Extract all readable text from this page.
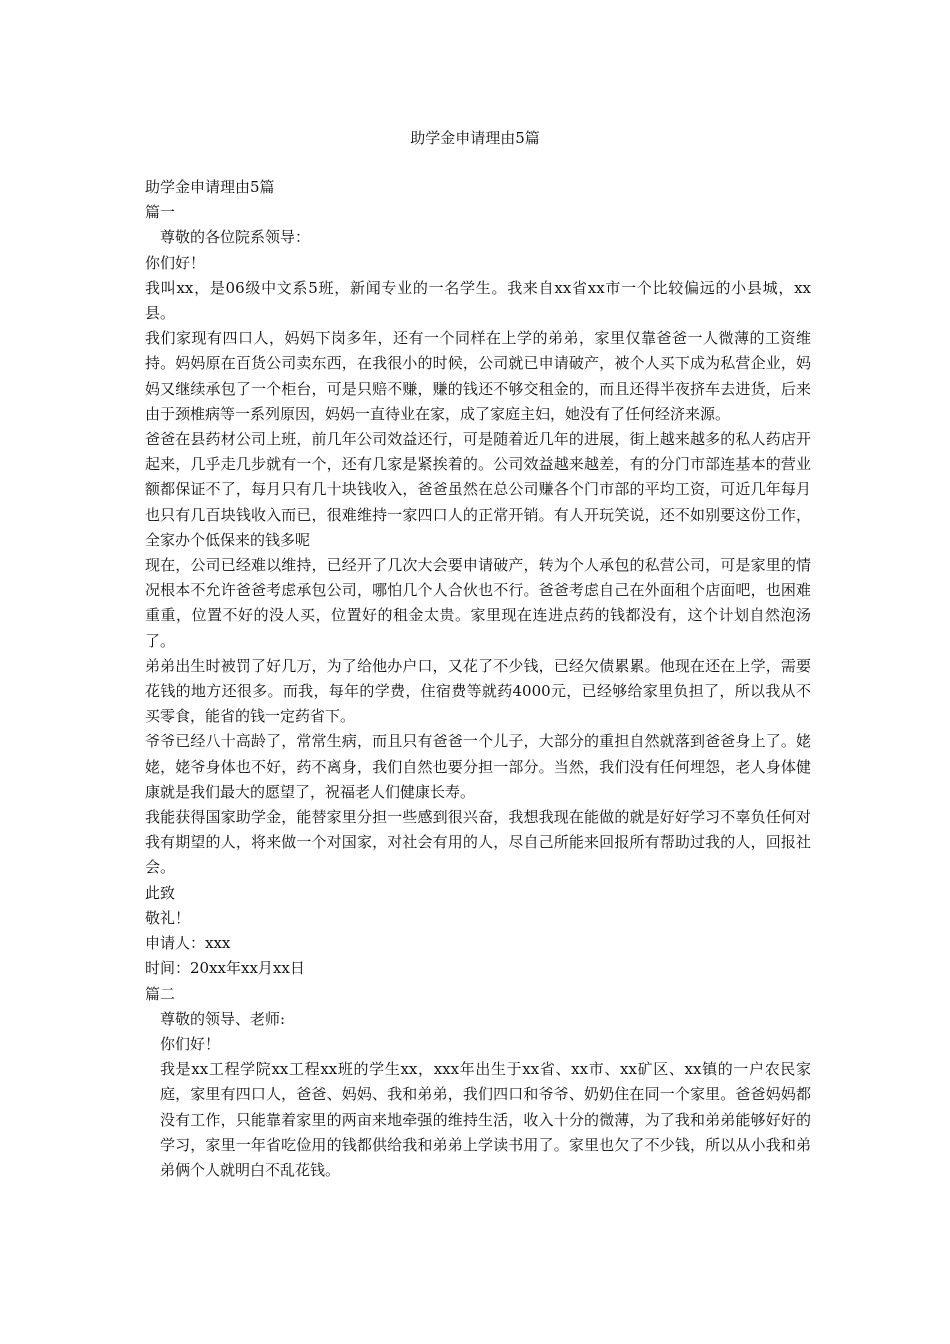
助学金申请理由5篇

助学金申请理由5篇

篇一

尊敬的各位院系领导：

你们好！

我叫xx，是06级中文系5班，新闻专业的一名学生。我来自xx省xx市一个比较偏远的小县城，xx县。

我们家现有四口人，妈妈下岗多年，还有一个同样在上学的弟弟，家里仅靠爸爸一人微薄的工资维持。妈妈原在百货公司卖东西，在我很小的时候，公司就已申请破产，被个人买下成为私营企业，妈妈又继续承包了一个柜台，可是只赔不赚，赚的钱还不够交租金的，而且还得半夜挤车去进货，后来由于颈椎病等一系列原因，妈妈一直待业在家，成了家庭主妇，她没有了任何经济来源。

爸爸在县药材公司上班，前几年公司效益还行，可是随着近几年的进展，街上越来越多的私人药店开起来，几乎走几步就有一个，还有几家是紧挨着的。公司效益越来越差，有的分门市部连基本的营业额都保证不了，每月只有几十块钱收入，爸爸虽然在总公司赚各个门市部的平均工资，可近几年每月也只有几百块钱收入而已，很难维持一家四口人的正常开销。有人开玩笑说，还不如别要这份工作，全家办个低保来的钱多呢

现在，公司已经难以维持，已经开了几次大会要申请破产，转为个人承包的私营公司，可是家里的情况根本不允许爸爸考虑承包公司，哪怕几个人合伙也不行。爸爸考虑自己在外面租个店面吧，也困难重重，位置不好的没人买，位置好的租金太贵。家里现在连进点药的钱都没有，这个计划自然泡汤了。

弟弟出生时被罚了好几万，为了给他办户口，又花了不少钱，已经欠债累累。他现在还在上学，需要花钱的地方还很多。而我，每年的学费，住宿费等就药4000元，已经够给家里负担了，所以我从不买零食，能省的钱一定药省下。

爷爷已经八十高龄了，常常生病，而且只有爸爸一个儿子，大部分的重担自然就落到爸爸身上了。姥姥，姥爷身体也不好，药不离身，我们自然也要分担一部分。当然，我们没有任何埋怨，老人身体健康就是我们最大的愿望了，祝福老人们健康长寿。

我能获得国家助学金，能替家里分担一些感到很兴奋，我想我现在能做的就是好好学习不辜负任何对我有期望的人，将来做一个对国家，对社会有用的人，尽自己所能来回报所有帮助过我的人，回报社会。

此致

敬礼！

申请人：xxx

时间：20xx年xx月xx日

篇二

尊敬的领导、老师:

你们好！

我是xx工程学院xx工程xx班的学生xx，xxx年出生于xx省、xx市、xx矿区、xx镇的一户农民家庭，家里有四口人，爸爸、妈妈、我和弟弟，我们四口和爷爷、奶奶住在同一个家里。爸爸妈妈都没有工作，只能靠着家里的两亩来地牵强的维持生活，收入十分的微薄，为了我和弟弟能够好好的学习，家里一年省吃俭用的钱都供给我和弟弟上学读书用了。家里也欠了不少钱，所以从小我和弟弟俩个人就明白不乱花钱。
